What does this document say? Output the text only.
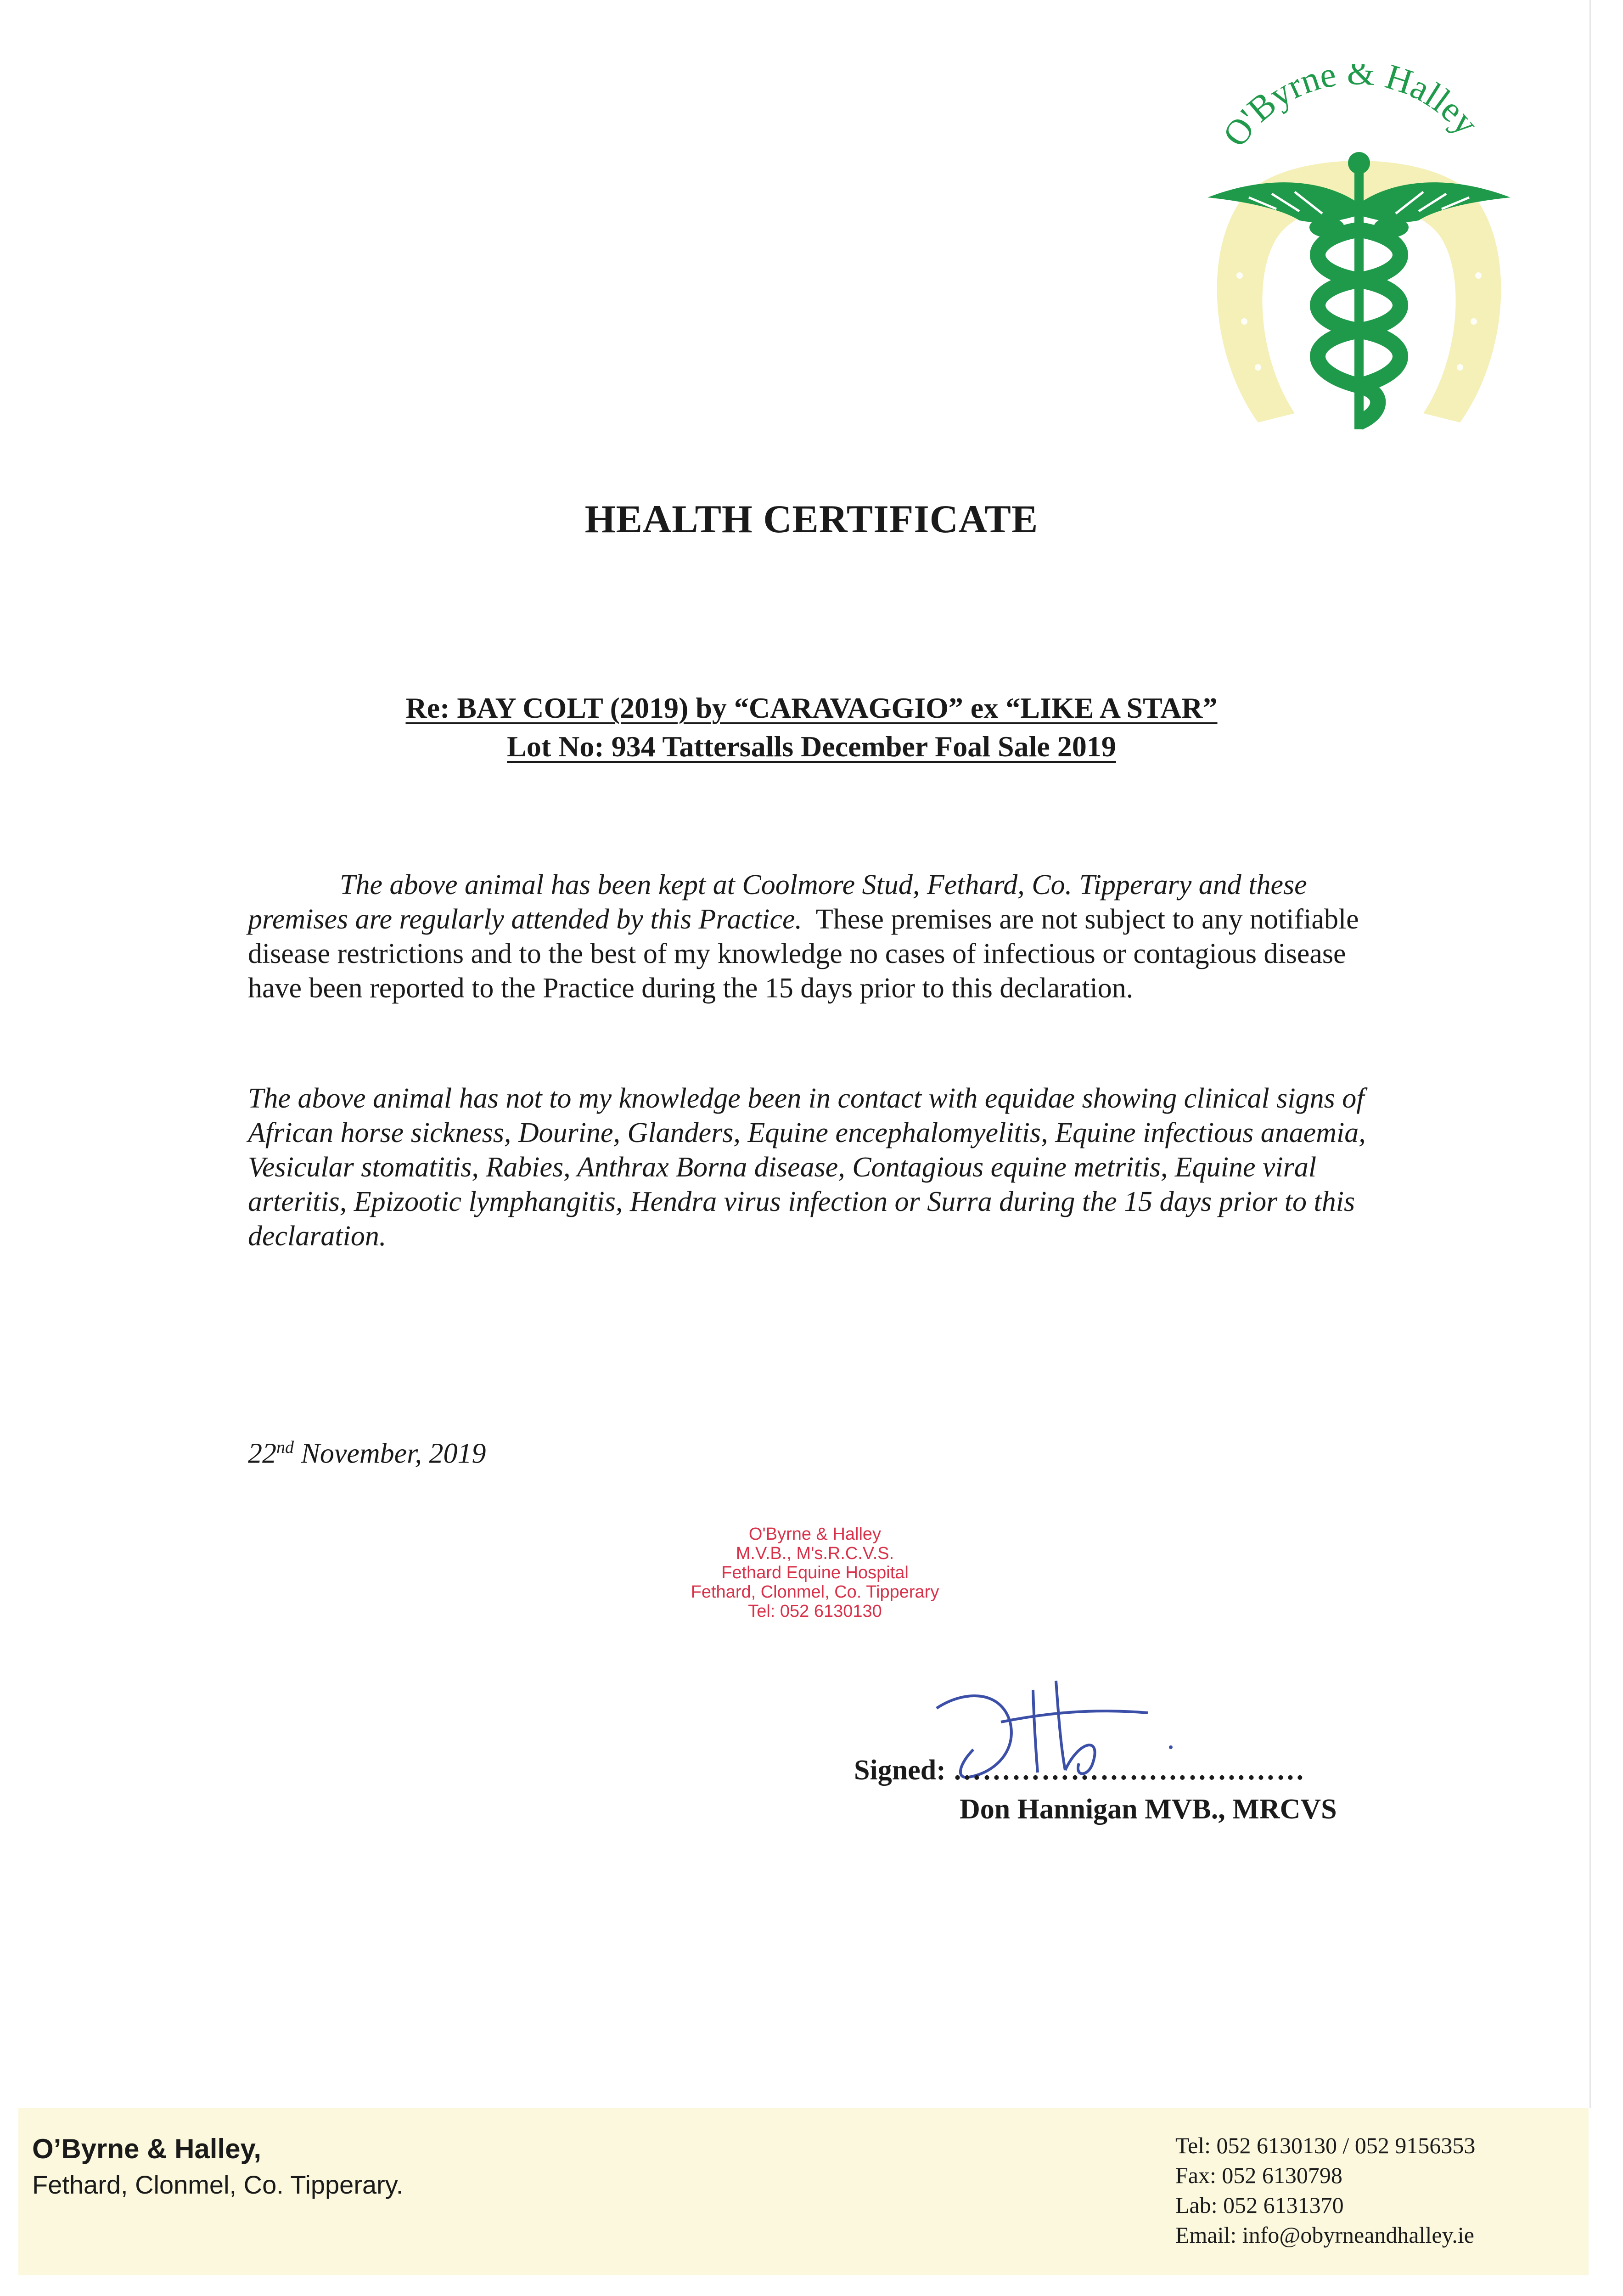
O'Byrne & Halley
HEALTH CERTIFICATE
Re: BAY COLT (2019) by “CARAVAGGIO” ex “LIKE A STAR”
Lot No: 934 Tattersalls December Foal Sale 2019
The above animal has been kept at Coolmore Stud, Fethard, Co. Tipperary and these premises are regularly attended by this Practice. These premises are not subject to any notifiable disease restrictions and to the best of my knowledge no cases of infectious or contagious disease have been reported to the Practice during the 15 days prior to this declaration.
The above animal has not to my knowledge been in contact with equidae showing clinical signs of African horse sickness, Dourine, Glanders, Equine encephalomyelitis, Equine infectious anaemia, Vesicular stomatitis, Rabies, Anthrax Borna disease, Contagious equine metritis, Equine viral arteritis, Epizootic lymphangitis, Hendra virus infection or Surra during the 15 days prior to this declaration.
22nd November, 2019
O'Byrne & Halley
M.V.B., M's.R.C.V.S.
Fethard Equine Hospital
Fethard, Clonmel, Co. Tipperary
Tel: 052 6130130
Signed: ………………………………
Don Hannigan MVB., MRCVS
O’Byrne & Halley,
Fethard, Clonmel, Co. Tipperary.
Tel: 052 6130130 / 052 9156353
Fax: 052 6130798
Lab: 052 6131370
Email: info@obyrneandhalley.ie
